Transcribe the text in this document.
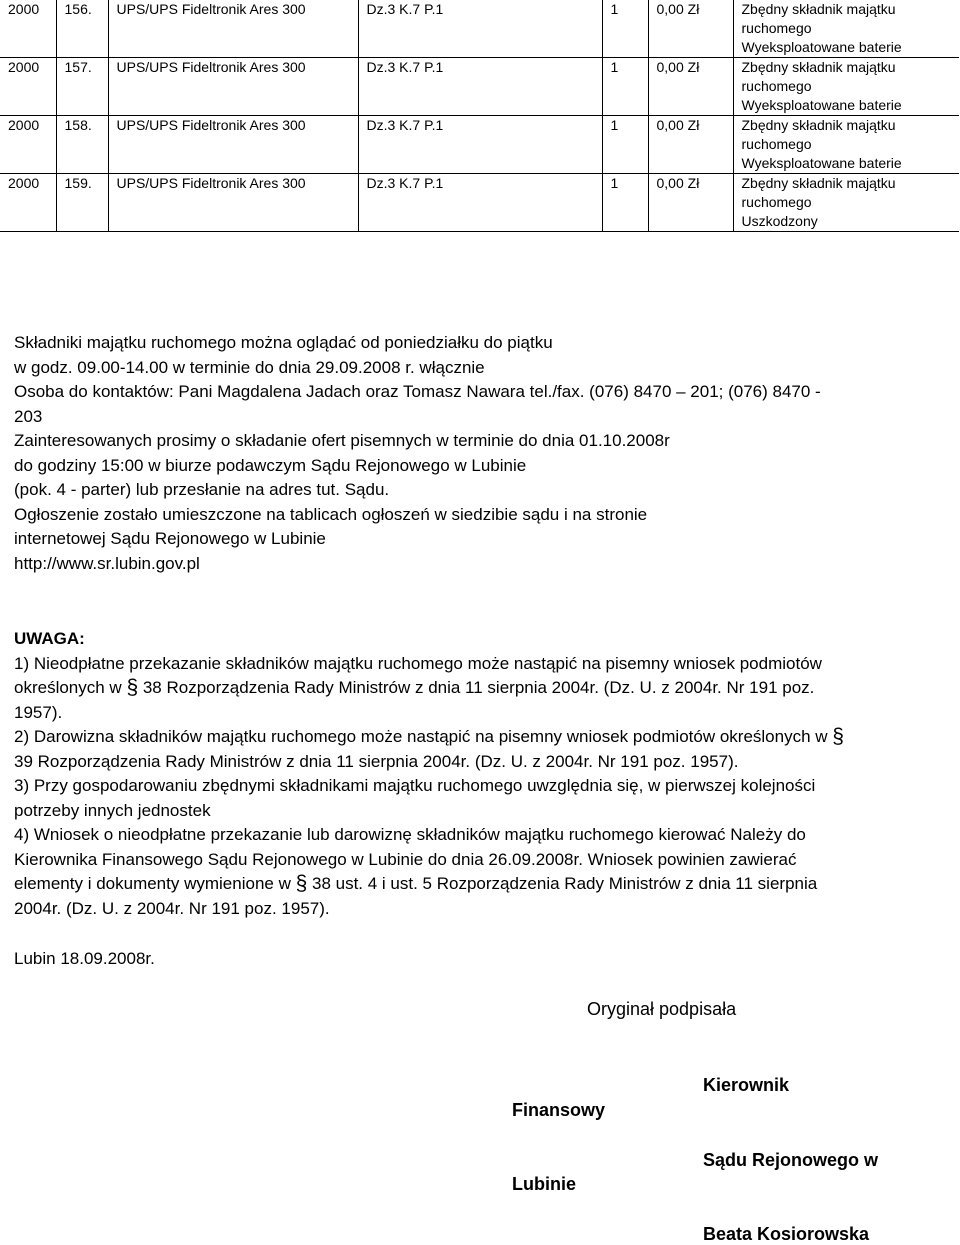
2000	156.	UPS/UPS Fideltronik Ares 300	Dz.3 K.7 P.1	1	0,00 Zł	Zbędny składnik majątku
ruchomego
Wyeksploatowane baterie

2000	157.	UPS/UPS Fideltronik Ares 300	Dz.3 K.7 P.1	1	0,00 Zł	Zbędny składnik majątku
ruchomego
Wyeksploatowane baterie

2000	158.	UPS/UPS Fideltronik Ares 300	Dz.3 K.7 P.1	1	0,00 Zł	Zbędny składnik majątku
ruchomego
Wyeksploatowane baterie

2000	159.	UPS/UPS Fideltronik Ares 300	Dz.3 K.7 P.1	1	0,00 Zł	Zbędny składnik majątku
ruchomego
Uszkodzony
Składniki majątku ruchomego można oglądać od poniedziałku do piątku
w godz. 09.00-14.00 w terminie do dnia 29.09.2008 r. włącznie
Osoba do kontaktów: Pani Magdalena Jadach oraz Tomasz Nawara tel./fax. (076) 8470 – 201; (076) 8470 -
203
Zainteresowanych prosimy o składanie ofert pisemnych w terminie do dnia 01.10.2008r
do godziny 15:00 w biurze podawczym Sądu Rejonowego w Lubinie
(pok. 4 - parter) lub przesłanie na adres tut. Sądu.
Ogłoszenie zostało umieszczone na tablicach ogłoszeń w siedzibie sądu i na stronie
internetowej Sądu Rejonowego w Lubinie
http://www.sr.lubin.gov.pl
UWAGA:
1) Nieodpłatne przekazanie składników majątku ruchomego może nastąpić na pisemny wniosek podmiotów
określonych w § 38 Rozporządzenia Rady Ministrów z dnia 11 sierpnia 2004r. (Dz. U. z 2004r. Nr 191 poz.
1957).
2) Darowizna składników majątku ruchomego może nastąpić na pisemny wniosek podmiotów określonych w §
39 Rozporządzenia Rady Ministrów z dnia 11 sierpnia 2004r. (Dz. U. z 2004r. Nr 191 poz. 1957).
3) Przy gospodarowaniu zbędnymi składnikami majątku ruchomego uwzględnia się, w pierwszej kolejności
potrzeby innych jednostek
4) Wniosek o nieodpłatne przekazanie lub darowiznę składników majątku ruchomego kierować Należy do
Kierownika Finansowego Sądu Rejonowego w Lubinie do dnia 26.09.2008r. Wniosek powinien zawierać
elementy i dokumenty wymienione w § 38 ust. 4 i ust. 5 Rozporządzenia Rady Ministrów z dnia 11 sierpnia
2004r. (Dz. U. z 2004r. Nr 191 poz. 1957).
Lubin 18.09.2008r.
Oryginał podpisała
Kierownik
Finansowy
Sądu Rejonowego w
Lubinie
Beata Kosiorowska
